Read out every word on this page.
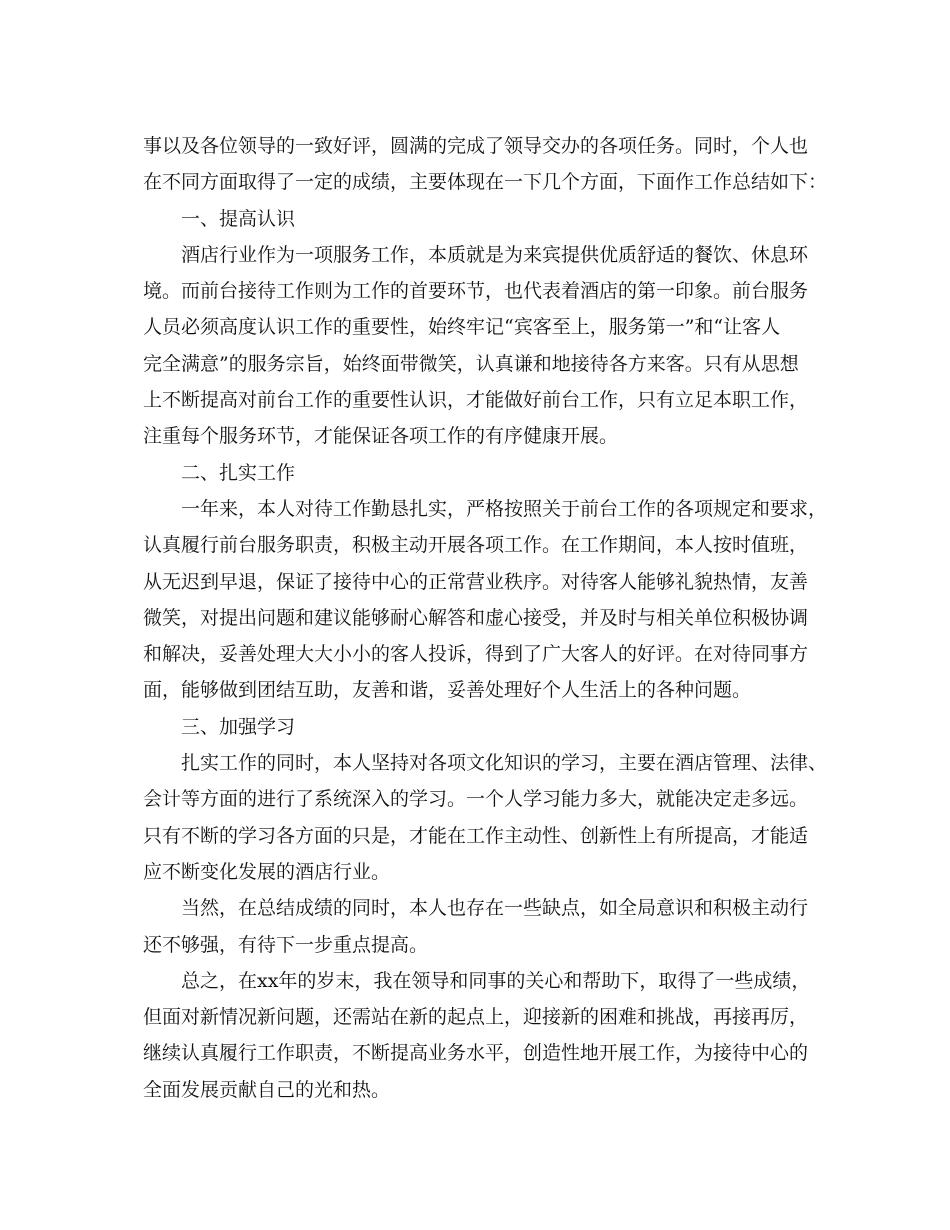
事以及各位领导的一致好评，圆满的完成了领导交办的各项任务。同时，个人也
在不同方面取得了一定的成绩，主要体现在一下几个方面，下面作工作总结如下：
一、提高认识
酒店行业作为一项服务工作，本质就是为来宾提供优质舒适的餐饮、休息环
境。而前台接待工作则为工作的首要环节，也代表着酒店的第一印象。前台服务
人员必须高度认识工作的重要性，始终牢记“宾客至上，服务第一”和“让客人
完全满意”的服务宗旨，始终面带微笑，认真谦和地接待各方来客。只有从思想
上不断提高对前台工作的重要性认识，才能做好前台工作，只有立足本职工作，
注重每个服务环节，才能保证各项工作的有序健康开展。
二、扎实工作
一年来，本人对待工作勤恳扎实，严格按照关于前台工作的各项规定和要求，
认真履行前台服务职责，积极主动开展各项工作。在工作期间，本人按时值班，
从无迟到早退，保证了接待中心的正常营业秩序。对待客人能够礼貌热情，友善
微笑，对提出问题和建议能够耐心解答和虚心接受，并及时与相关单位积极协调
和解决，妥善处理大大小小的客人投诉，得到了广大客人的好评。在对待同事方
面，能够做到团结互助，友善和谐，妥善处理好个人生活上的各种问题。
三、加强学习
扎实工作的同时，本人坚持对各项文化知识的学习，主要在酒店管理、法律、
会计等方面的进行了系统深入的学习。一个人学习能力多大，就能决定走多远。
只有不断的学习各方面的只是，才能在工作主动性、创新性上有所提高，才能适
应不断变化发展的酒店行业。
当然，在总结成绩的同时，本人也存在一些缺点，如全局意识和积极主动行
还不够强，有待下一步重点提高。
总之，在xx年的岁末，我在领导和同事的关心和帮助下，取得了一些成绩，
但面对新情况新问题，还需站在新的起点上，迎接新的困难和挑战，再接再厉，
继续认真履行工作职责，不断提高业务水平，创造性地开展工作，为接待中心的
全面发展贡献自己的光和热。
